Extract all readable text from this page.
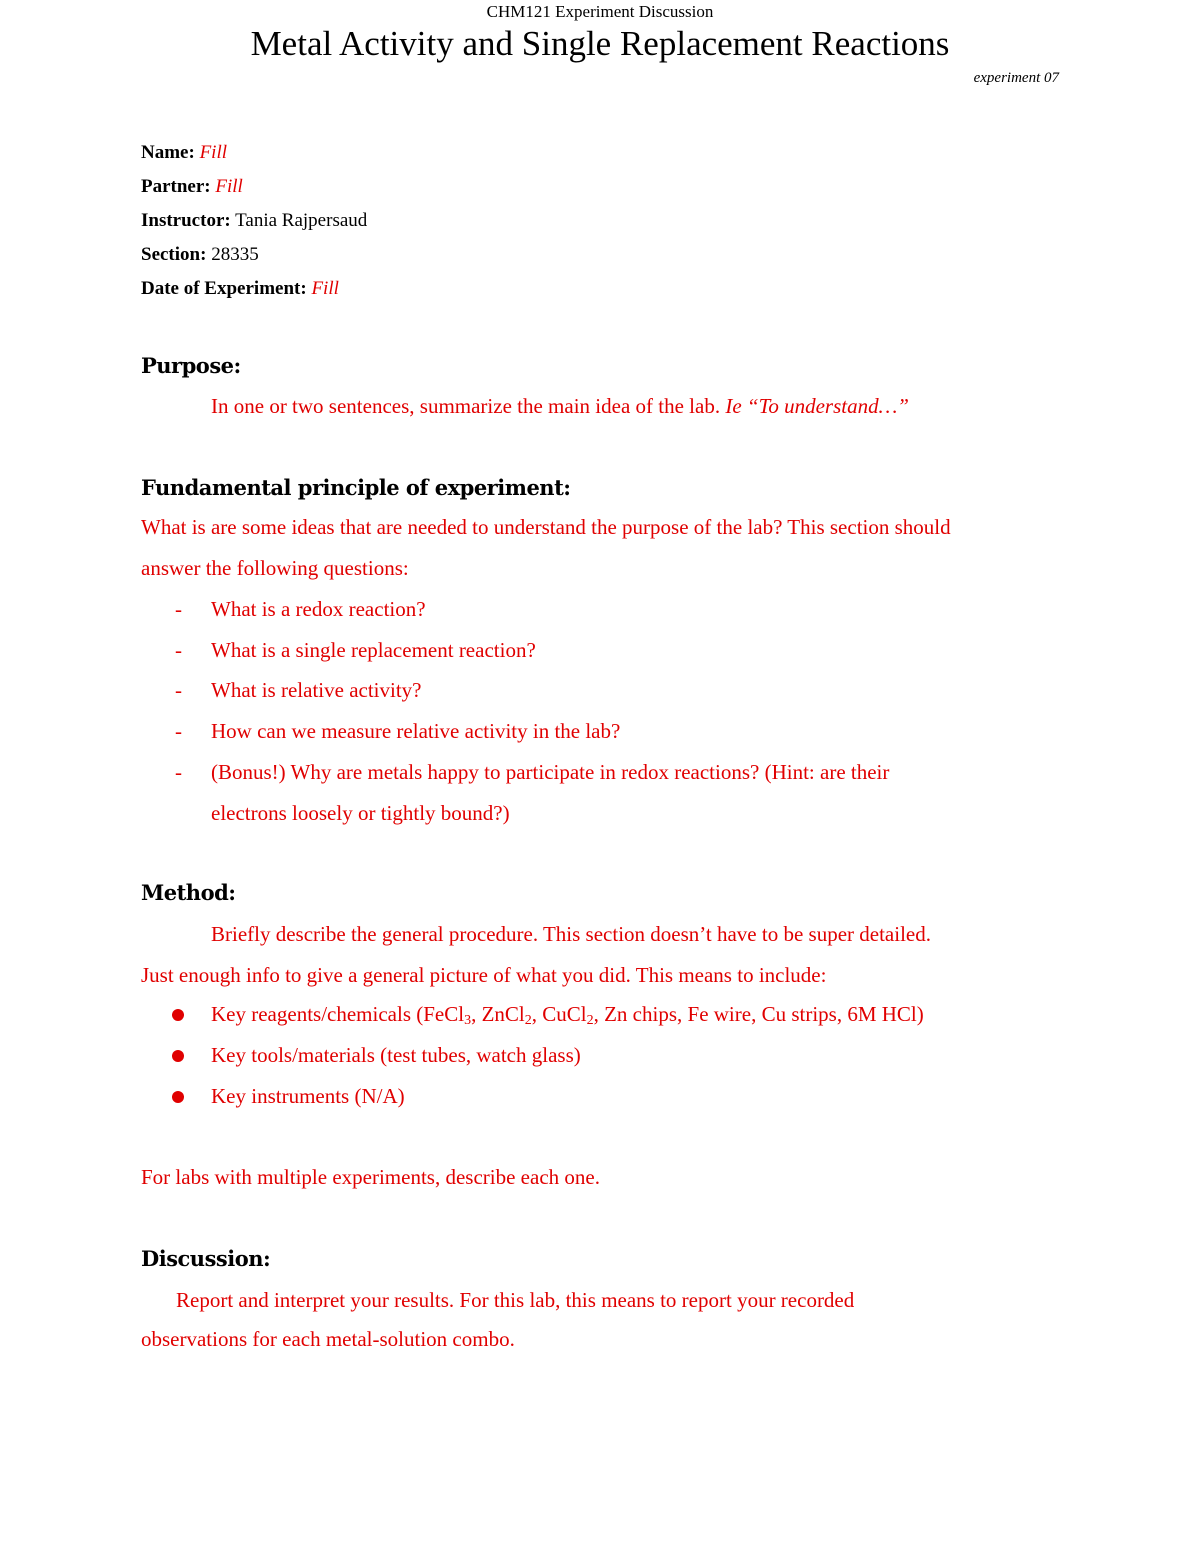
CHM121 Experiment Discussion
Metal Activity and Single Replacement Reactions
experiment 07
Name: Fill
Partner: Fill
Instructor: Tania Rajpersaud
Section: 28335
Date of Experiment: Fill
Purpose:
In one or two sentences, summarize the main idea of the lab. Ie “To understand…”
Fundamental principle of experiment:
What is are some ideas that are needed to understand the purpose of the lab? This section should
answer the following questions:
- What is a redox reaction?
- What is a single replacement reaction?
- What is relative activity?
- How can we measure relative activity in the lab?
- (Bonus!) Why are metals happy to participate in redox reactions? (Hint: are their
electrons loosely or tightly bound?)
Method:
Briefly describe the general procedure. This section doesn’t have to be super detailed.
Just enough info to give a general picture of what you did. This means to include:
Key reagents/chemicals (FeCl$_3$, ZnCl$_2$, CuCl$_2$, Zn chips, Fe wire, Cu strips, 6M HCl)
Key tools/materials (test tubes, watch glass)
Key instruments (N/A)
For labs with multiple experiments, describe each one.
Discussion:
Report and interpret your results. For this lab, this means to report your recorded
observations for each metal-solution combo.
